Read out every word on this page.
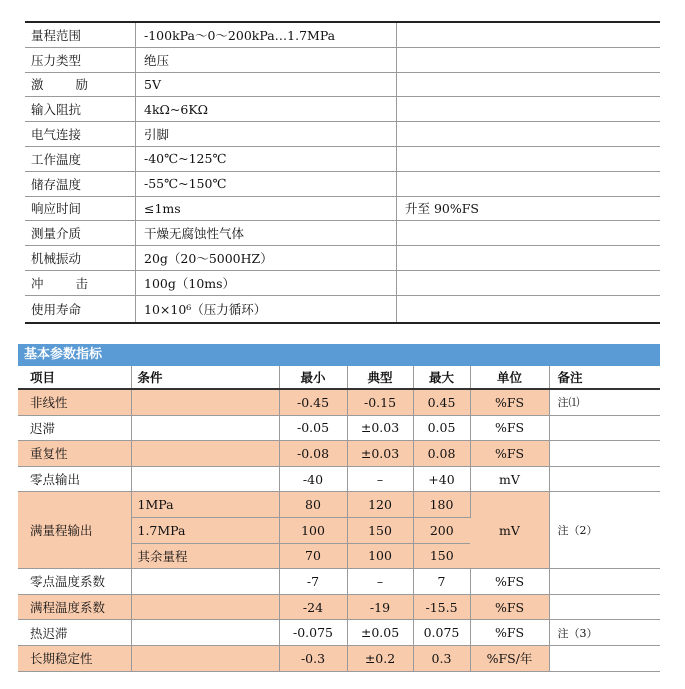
量程范围	-100kPa～0～200kPa…1.7MPa	
压力类型	绝压	
激 励	5V	
输入阻抗	4kΩ~6KΩ	
电气连接	引脚	
工作温度	-40℃~125℃	
储存温度	-55℃~150℃	
响应时间	≤1ms	升至 90%FS
测量介质	干燥无腐蚀性气体	
机械振动	20g（20～5000HZ）	
冲 击	100g（10ms）	
使用寿命	10×10⁶（压力循环）	
基本参数指标
项目	条件	最小	典型	最大	单位	备注
非线性		-0.45	-0.15	0.45	%FS	注⑴
迟滞		-0.05	±0.03	0.05	%FS	
重复性		-0.08	±0.03	0.08	%FS	
零点输出		-40	–	+40	mV	
满量程输出	1MPa	80	120	180	mV	注（2）
	1.7MPa	100	150	200		
	其余量程	70	100	150		
零点温度系数		-7	–	7	%FS	
满程温度系数		-24	-19	-15.5	%FS	
热迟滞		-0.075	±0.05	0.075	%FS	注（3）
长期稳定性		-0.3	±0.2	0.3	%FS/年	
